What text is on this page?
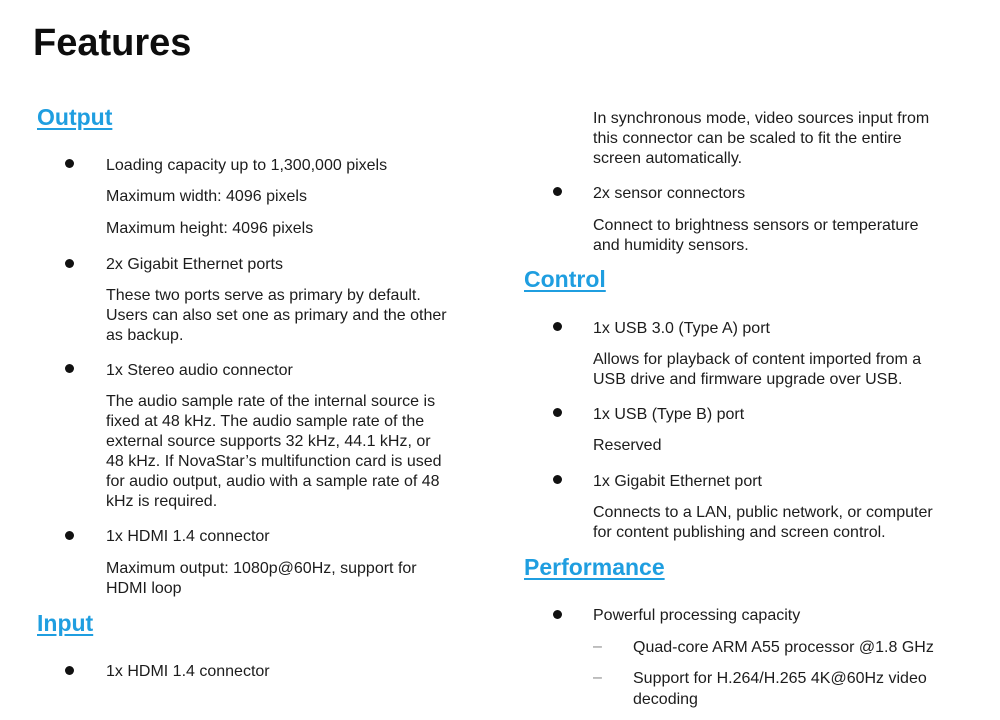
Features
Output

Loading capacity up to 1,300,000 pixels

Maximum width: 4096 pixels

Maximum height: 4096 pixels

2x Gigabit Ethernet ports

These two ports serve as primary by default.

Users can also set one as primary and the other

as backup.

1x Stereo audio connector

The audio sample rate of the internal source is

fixed at 48 kHz. The audio sample rate of the

external source supports 32 kHz, 44.1 kHz, or

48 kHz. If NovaStar’s multifunction card is used

for audio output, audio with a sample rate of 48

kHz is required.

1x HDMI 1.4 connector

Maximum output: 1080p@60Hz, support for

HDMI loop

Input

1x HDMI 1.4 connector

In synchronous mode, video sources input from

this connector can be scaled to fit the entire

screen automatically.

2x sensor connectors

Connect to brightness sensors or temperature

and humidity sensors.

Control

1x USB 3.0 (Type A) port

Allows for playback of content imported from a

USB drive and firmware upgrade over USB.

1x USB (Type B) port

Reserved

1x Gigabit Ethernet port

Connects to a LAN, public network, or computer

for content publishing and screen control.

Performance

Powerful processing capacity

– Quad-core ARM A55 processor @1.8 GHz

– Support for H.264/H.265 4K@60Hz video

decoding
